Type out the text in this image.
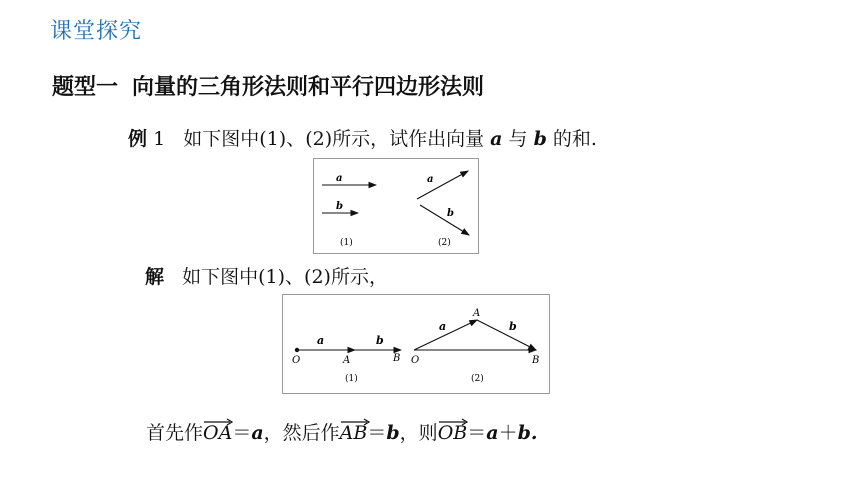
课堂探究
题型一 向量的三角形法则和平行四边形法则
例 1 如下图中(1)、(2)所示，试作出向量 a 与 b 的和.
a
b
a
b
(1)	(2)
解 如下图中(1)、(2)所示，
a	b
O	A	B
(1)
a	b
A
O	B
(2)
首先作
OA＝a，然后作
AB＝b，则
OB＝a＋b.
